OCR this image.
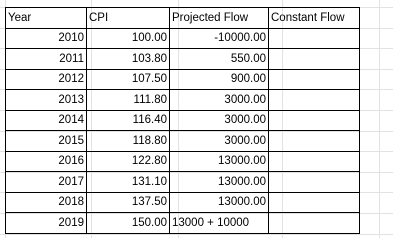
Year	CPI	Projected Flow	Constant Flow
2010	100.00	-10000.00	
2011	103.80	550.00	
2012	107.50	900.00	
2013	111.80	3000.00	
2014	116.40	3000.00	
2015	118.80	3000.00	
2016	122.80	13000.00	
2017	131.10	13000.00	
2018	137.50	13000.00	
2019	150.00	13000 + 10000	
